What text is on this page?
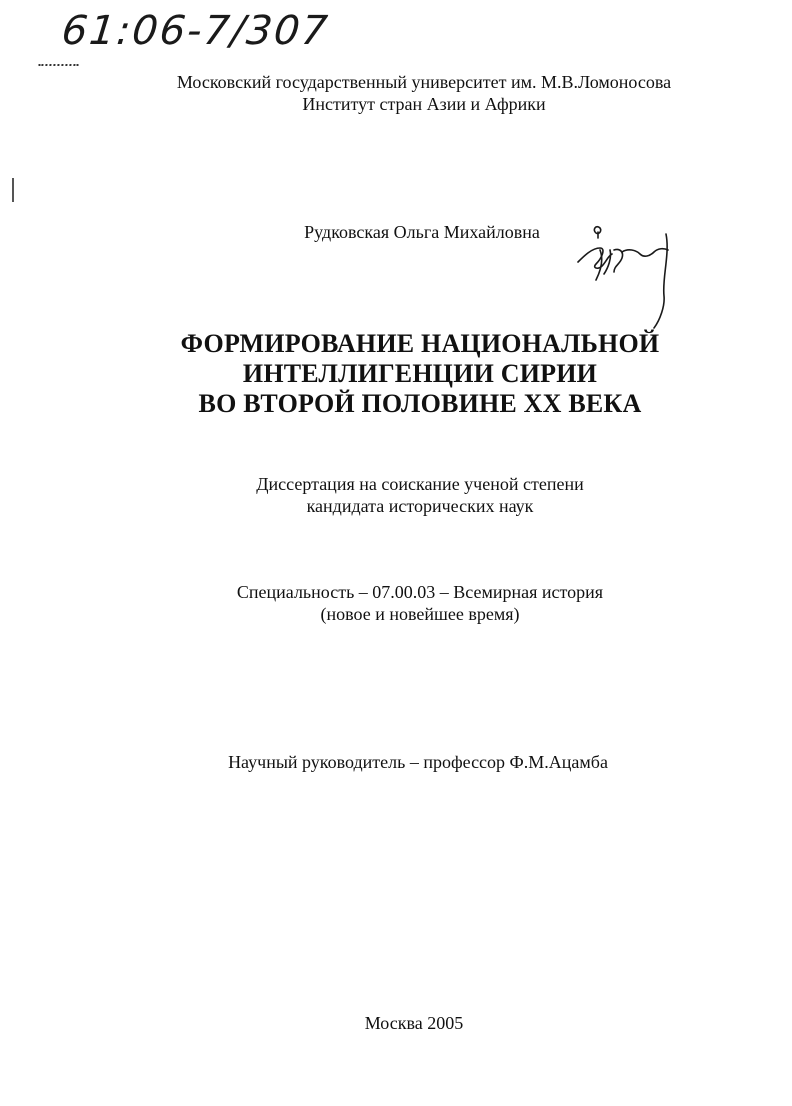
61:06-7/307
Московский государственный университет им. М.В.Ломоносова
Институт стран Азии и Африки
Рудковская Ольга Михайловна
ФОРМИРОВАНИЕ НАЦИОНАЛЬНОЙ
ИНТЕЛЛИГЕНЦИИ СИРИИ
ВО ВТОРОЙ ПОЛОВИНЕ XX ВЕКА
Диссертация на соискание ученой степени
кандидата исторических наук
Специальность – 07.00.03 – Всемирная история
(новое и новейшее время)
Научный руководитель – профессор Ф.М.Ацамба
Москва 2005
